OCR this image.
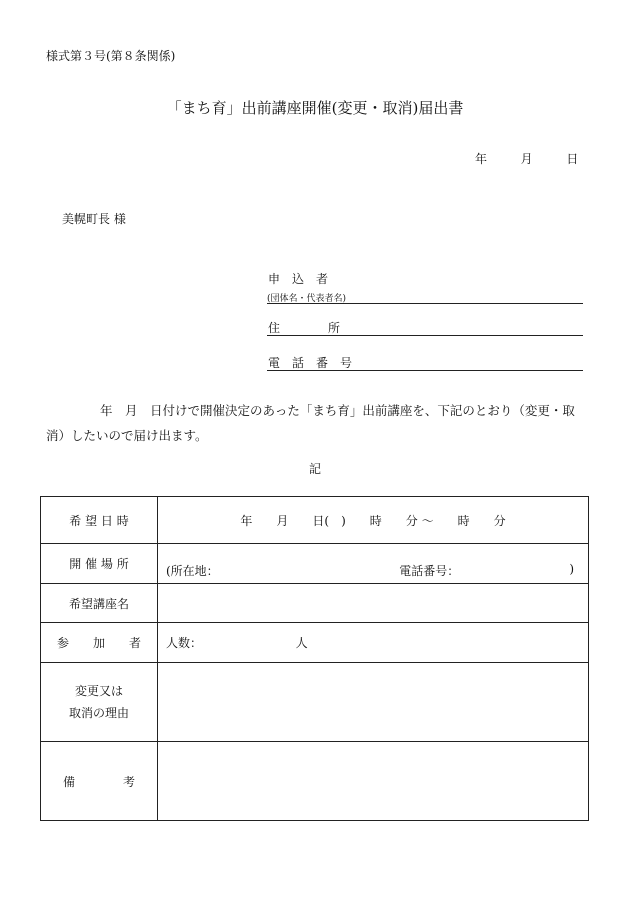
様式第３号(第８条関係)
「まち育」出前講座開催(変更・取消)届出書
年	月	日
美幌町長 様
申　込　者
(団体名・代表者名)
住　　　　所
電　話　番　号
年　月　日付けで開催決定のあった「まち育」出前講座を、下記のとおり（変更・取消）したいので届け出ます。
記
希 望 日 時	年　　月　　日(　)　　時　　分 〜　　時　　分
開 催 場 所	(所在地： 電話番号： )

希望講座名	
参　　加　　者	人数： 人

変更又は
取消の理由	

備　　　　考	
